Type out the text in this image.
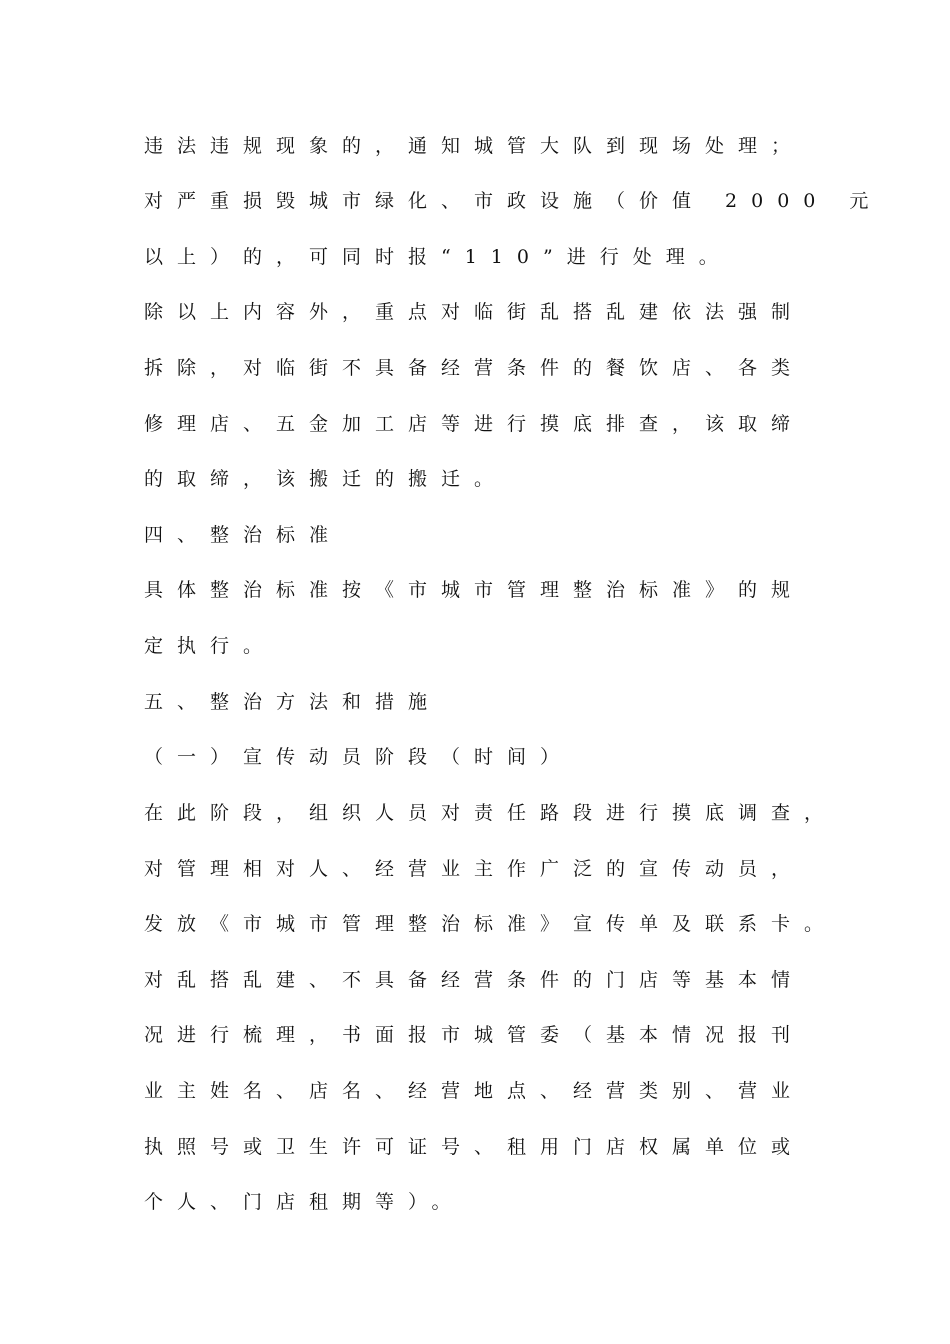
违法违规现象的，通知城管大队到现场处理；
对严重损毁城市绿化、市政设施（价值 2000 元
以上）的，可同时报“110”进行处理。
除以上内容外，重点对临街乱搭乱建依法强制
拆除，对临街不具备经营条件的餐饮店、各类
修理店、五金加工店等进行摸底排查，该取缔
的取缔，该搬迁的搬迁。
四、整治标准
具体整治标准按《市城市管理整治标准》的规
定执行。
五、整治方法和措施
（一）宣传动员阶段（时间）
在此阶段，组织人员对责任路段进行摸底调查，
对管理相对人、经营业主作广泛的宣传动员，
发放《市城市管理整治标准》宣传单及联系卡。
对乱搭乱建、不具备经营条件的门店等基本情
况进行梳理，书面报市城管委（基本情况报刊
业主姓名、店名、经营地点、经营类别、营业
执照号或卫生许可证号、租用门店权属单位或
个人、门店租期等）。
